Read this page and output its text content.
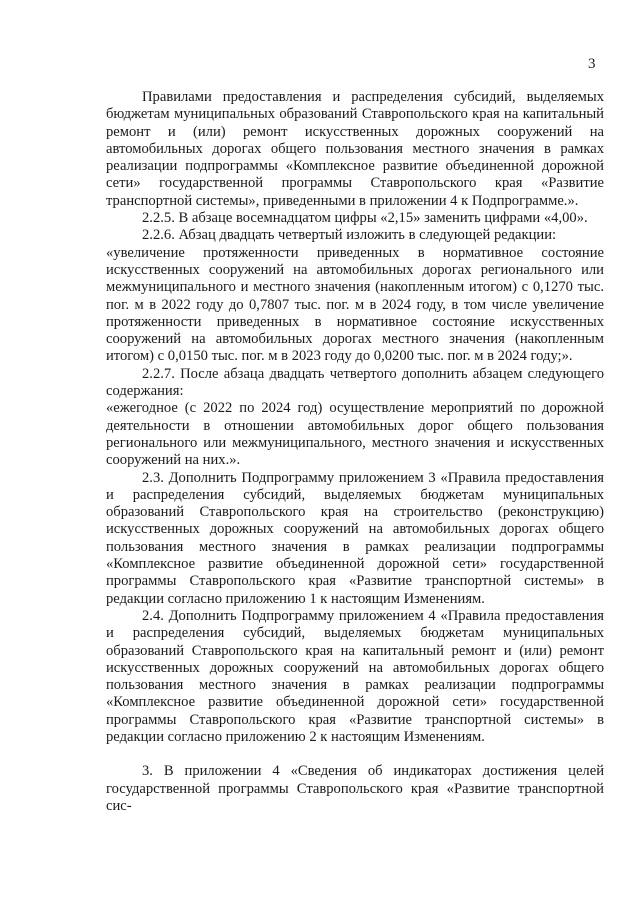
3

Правилами предоставления и распределения субсидий, выделяемых бюджетам муниципальных образований Ставропольского края на капитальный ремонт и (или) ремонт искусственных дорожных сооружений на автомобильных дорогах общего пользования местного значения в рамках реализации подпрограммы «Комплексное развитие объединенной дорожной сети» государственной программы Ставропольского края «Развитие транспортной системы», приведенными в приложении 4 к Подпрограмме.».

2.2.5. В абзаце восемнадцатом цифры «2,15» заменить цифрами «4,00».

2.2.6. Абзац двадцать четвертый изложить в следующей редакции:

«увеличение протяженности приведенных в нормативное состояние искусственных сооружений на автомобильных дорогах регионального или межмуниципального и местного значения (накопленным итогом) с 0,1270 тыс. пог. м в 2022 году до 0,7807 тыс. пог. м в 2024 году, в том числе увеличение протяженности приведенных в нормативное состояние искусственных сооружений на автомобильных дорогах местного значения (накопленным итогом) с 0,0150 тыс. пог. м в 2023 году до 0,0200 тыс. пог. м в 2024 году;».

2.2.7. После абзаца двадцать четвертого дополнить абзацем следующего содержания:

«ежегодное (с 2022 по 2024 год) осуществление мероприятий по дорожной деятельности в отношении автомобильных дорог общего пользования регионального или межмуниципального, местного значения и искусственных сооружений на них.».

2.3. Дополнить Подпрограмму приложением 3 «Правила предоставления и распределения субсидий, выделяемых бюджетам муниципальных образований Ставропольского края на строительство (реконструкцию) искусственных дорожных сооружений на автомобильных дорогах общего пользования местного значения в рамках реализации подпрограммы «Комплексное развитие объединенной дорожной сети» государственной программы Ставропольского края «Развитие транспортной системы» в редакции согласно приложению 1 к настоящим Изменениям.

2.4. Дополнить Подпрограмму приложением 4 «Правила предоставления и распределения субсидий, выделяемых бюджетам муниципальных образований Ставропольского края на капитальный ремонт и (или) ремонт искусственных дорожных сооружений на автомобильных дорогах общего пользования местного значения в рамках реализации подпрограммы «Комплексное развитие объединенной дорожной сети» государственной программы Ставропольского края «Развитие транспортной системы» в редакции согласно приложению 2 к настоящим Изменениям.

3. В приложении 4 «Сведения об индикаторах достижения целей государственной программы Ставропольского края «Развитие транспортной сис-
